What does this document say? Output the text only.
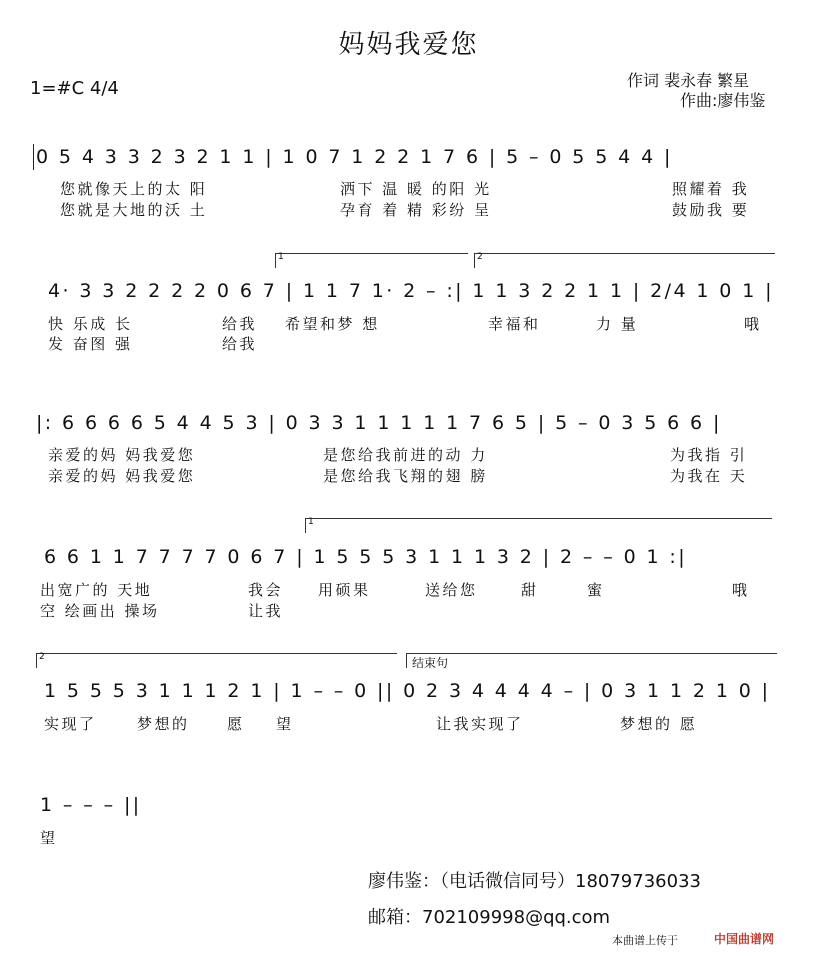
妈妈我爱您
1=#C 4/4	作词 裴永春 繁星
作曲:廖伟鉴
0 5 4 3 3 2 3 2 1 1 | 1 0 7 1 2 2 1 7 6 | 5 – 0 5 5 4 4 |
您就像天上的太 阳	洒下 温 暖 的阳 光	照耀着 我
您就是大地的沃 土	孕育 着 精 彩纷 呈	鼓励我 要
1	2
4· 3 3 2 2 2 2 0 6 7 | 1 1 7 1· 2 – :| 1 1 3 2 2 1 1 | 2/4 1 0 1 |
快 乐成 长	给我 希望和梦 想	幸福和	力 量	哦
发 奋图 强	给我
|: 6 6 6 6 5 4 4 5 3 | 0 3 3 1 1 1 1 1 7 6 5 | 5 – 0 3 5 6 6 |
亲爱的妈 妈我爱您	是您给我前进的动 力	为我指 引
亲爱的妈 妈我爱您	是您给我飞翔的翅 膀	为我在 天
1
6 6 1 1 7 7 7 7 0 6 7 | 1 5 5 5 3 1 1 1 3 2 | 2 – – 0 1 :|
出宽广的 天地	我会 用硕果	送给您	甜	蜜	哦
空 绘画出 操场	让我
2	结束句
1 5 5 5 3 1 1 1 2 1 | 1 – – 0 || 0 2 3 4 4 4 4 – | 0 3 1 1 2 1 0 |
实现了	梦想的 愿 望	让我实现了	梦想的 愿
1 – – – ||
望
廖伟鉴：（电话微信同号）18079736033
邮箱：702109998@qq.com
本曲谱上传于	中国曲谱网
